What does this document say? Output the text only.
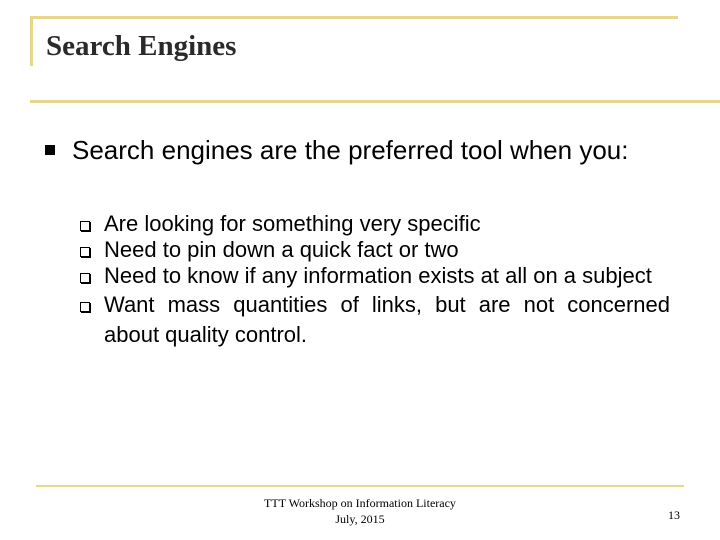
Search Engines
Search engines are the preferred tool when you:
Are looking for something very specific
Need to pin down a quick fact or two
Need to know if any information exists at all on a subject
Want mass quantities of links, but are not concerned about quality control.
TTT Workshop on Information Literacy
July, 2015	13
